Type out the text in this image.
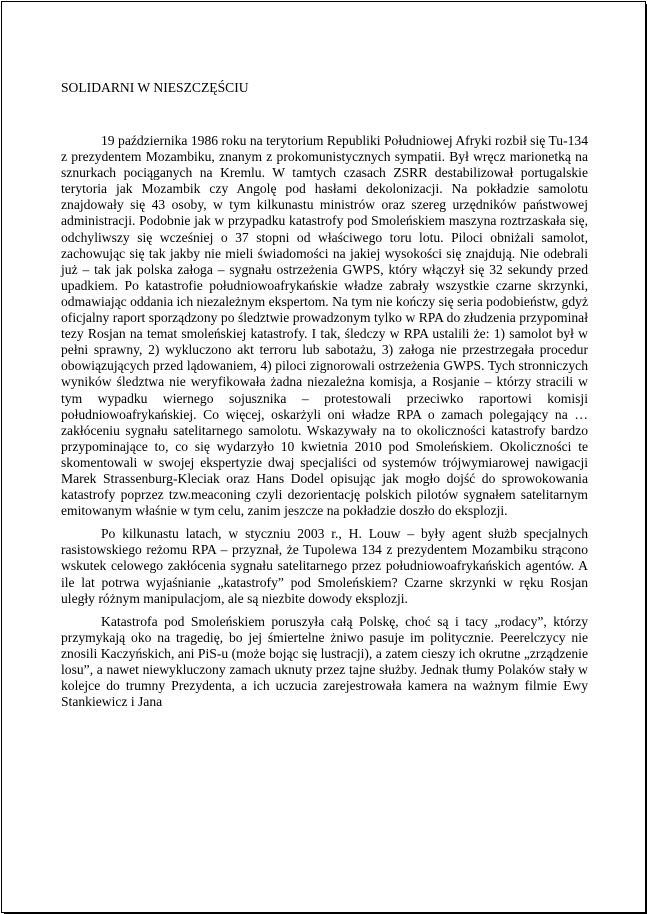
SOLIDARNI W NIESZCZĘŚCIU

19 października 1986 roku na terytorium Republiki Południowej Afryki rozbił się Tu-134 z prezydentem Mozambiku, znanym z prokomunistycznych sympatii. Był wręcz marionetką na sznurkach pociąganych na Kremlu. W tamtych czasach ZSRR destabilizował portugalskie terytoria jak Mozambik czy Angolę pod hasłami dekolonizacji. Na pokładzie samolotu znajdowały się 43 osoby, w tym kilkunastu ministrów oraz szereg urzędników państwowej administracji. Podobnie jak w przypadku katastrofy pod Smoleńskiem maszyna roztrzaskała się, odchyliwszy się wcześniej o 37 stopni od właściwego toru lotu. Piloci obniżali samolot, zachowując się tak jakby nie mieli świadomości na jakiej wysokości się znajdują. Nie odebrali już – tak jak polska załoga – sygnału ostrzeżenia GWPS, który włączył się 32 sekundy przed upadkiem. Po katastrofie południowoafrykańskie władze zabrały wszystkie czarne skrzynki, odmawiając oddania ich niezależnym ekspertom. Na tym nie kończy się seria podobieństw, gdyż oficjalny raport sporządzony po śledztwie prowadzonym tylko w RPA do złudzenia przypominał tezy Rosjan na temat smoleńskiej katastrofy. I tak, śledczy w RPA ustalili że: 1) samolot był w pełni sprawny, 2) wykluczono akt terroru lub sabotażu, 3) załoga nie przestrzegała procedur obowiązujących przed lądowaniem, 4) piloci zignorowali ostrzeżenia GWPS. Tych stronniczych wyników śledztwa nie weryfikowała żadna niezależna komisja, a Rosjanie – którzy stracili w tym wypadku wiernego sojusznika – protestowali przeciwko raportowi komisji południowoafrykańskiej. Co więcej, oskarżyli oni władze RPA o zamach polegający na …zakłóceniu sygnału satelitarnego samolotu. Wskazywały na to okoliczności katastrofy bardzo przypominające to, co się wydarzyło 10 kwietnia 2010 pod Smoleńskiem. Okoliczności te skomentowali w swojej ekspertyzie dwaj specjaliści od systemów trójwymiarowej nawigacji Marek Strassenburg-Kleciak oraz Hans Dodel opisując jak mogło dojść do sprowokowania katastrofy poprzez tzw.meaconing czyli dezorientację polskich pilotów sygnałem satelitarnym emitowanym właśnie w tym celu, zanim jeszcze na pokładzie doszło do eksplozji.

Po kilkunastu latach, w styczniu 2003 r., H. Louw – były agent służb specjalnych rasistowskiego reżomu RPA – przyznał, że Tupolewa 134 z prezydentem Mozambiku strącono wskutek celowego zakłócenia sygnału satelitarnego przez południowoafrykańskich agentów. A ile lat potrwa wyjaśnianie „katastrofy” pod Smoleńskiem? Czarne skrzynki w ręku Rosjan uległy różnym manipulacjom, ale są niezbite dowody eksplozji.

Katastrofa pod Smoleńskiem poruszyła całą Polskę, choć są i tacy „rodacy”, którzy przymykają oko na tragedię, bo jej śmiertelne żniwo pasuje im politycznie. Peerelczycy nie znosili Kaczyńskich, ani PiS-u (może bojąc się lustracji), a zatem cieszy ich okrutne „zrządzenie losu”, a nawet niewykluczony zamach uknuty przez tajne służby. Jednak tłumy Polaków stały w kolejce do trumny Prezydenta, a ich uczucia zarejestrowała kamera na ważnym filmie Ewy Stankiewicz i Jana
